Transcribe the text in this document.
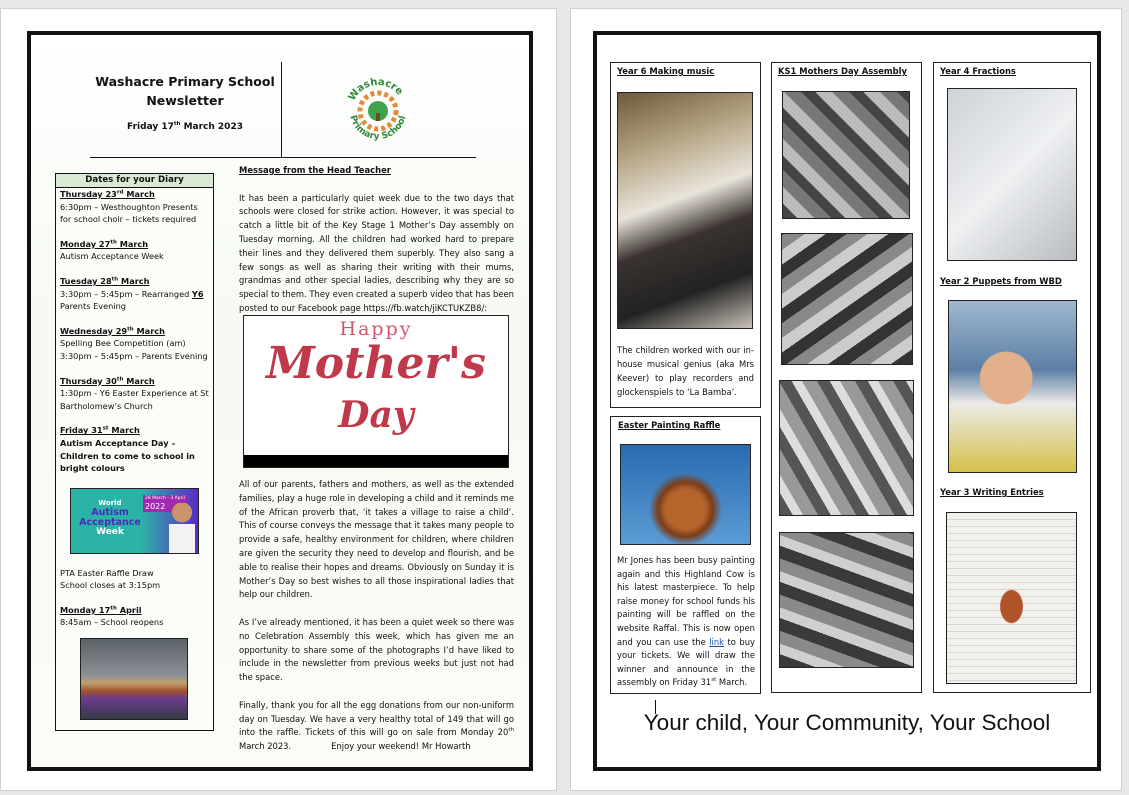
Washacre Primary School
Newsletter
Friday 17th March 2023
Washacre
Primary School
Dates for your Diary

Thursday 23rd March
6:30pm – Westhoughton Presents for school choir – tickets required

Monday 27th March
Autism Acceptance Week

Tuesday 28th March
3:30pm – 5:45pm – Rearranged Y6 Parents Evening

Wednesday 29th March
Spelling Bee Competition (am)
3:30pm – 5:45pm – Parents Evening

Thursday 30th March
1:30pm - Y6 Easter Experience at St Bartholomew’s Church

Friday 31st March
Autism Acceptance Day – Children to come to school in bright colours

PTA Easter Raffle Draw
School closes at 3:15pm

Monday 17th April
8:45am – School reopens

World
Autism
Acceptance
Week
28 March - 3 April
2022
Message from the Head Teacher

It has been a particularly quiet week due to the two days that schools were closed for strike action. However, it was special to catch a little bit of the Key Stage 1 Mother’s Day assembly on Tuesday morning. All the children had worked hard to prepare their lines and they delivered them superbly. They also sang a few songs as well as sharing their writing with their mums, grandmas and other special ladies, describing why they are so special to them. They even created a superb video that has been posted to our Facebook page https://fb.watch/jiKCTUKZB8/:

Happy
Mother's
Day

All of our parents, fathers and mothers, as well as the extended families, play a huge role in developing a child and it reminds me of the African proverb that, ‘it takes a village to raise a child’. This of course conveys the message that it takes many people to provide a safe, healthy environment for children, where children are given the security they need to develop and flourish, and be able to realise their hopes and dreams. Obviously on Sunday it is Mother’s Day so best wishes to all those inspirational ladies that help our children.

As I’ve already mentioned, it has been a quiet week so there was no Celebration Assembly this week, which has given me an opportunity to share some of the photographs I’d have liked to include in the newsletter from previous weeks but just not had the space.

Finally, thank you for all the egg donations from our non-uniform day on Tuesday. We have a very healthy total of 149 that will go into the raffle. Tickets of this will go on sale from Monday 20th March 2023.	Enjoy your weekend! Mr Howarth

Year 6 Making music
The children worked with our in-house musical genius (aka Mrs Keever) to play recorders and glockenspiels to ‘La Bamba’.
Easter Painting Raffle
Mr Jones has been busy painting again and this Highland Cow is his latest masterpiece. To help raise money for school funds his painting will be raffled on the website Raffal. This is now open and you can use the link to buy your tickets. We will draw the winner and announce in the assembly on Friday 31st March.
KS1 Mothers Day Assembly	Year 4 Fractions
Year 2 Puppets from WBD
Year 3 Writing Entries
Your child, Your Community, Your School
